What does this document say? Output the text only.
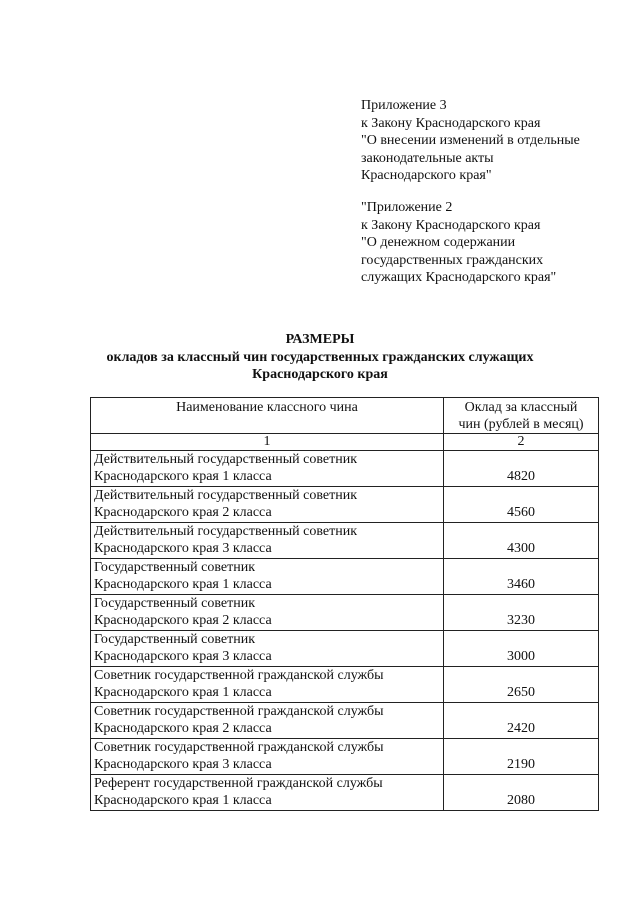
Приложение 3
к Закону Краснодарского края
"О внесении изменений в отдельные
законодательные акты
Краснодарского края"
"Приложение 2
к Закону Краснодарского края
"О денежном содержании
государственных гражданских
служащих Краснодарского края"
РАЗМЕРЫ
окладов за классный чин государственных гражданских служащих
Краснодарского края
Наименование классного чина	Оклад за классный
чин (рублей в месяц)

1	2

Действительный государственный советник
Краснодарского края 1 класса	4820

Действительный государственный советник
Краснодарского края 2 класса	4560

Действительный государственный советник
Краснодарского края 3 класса	4300

Государственный советник
Краснодарского края 1 класса	3460

Государственный советник
Краснодарского края 2 класса	3230

Государственный советник
Краснодарского края 3 класса	3000

Советник государственной гражданской службы
Краснодарского края 1 класса	2650

Советник государственной гражданской службы
Краснодарского края 2 класса	2420

Советник государственной гражданской службы
Краснодарского края 3 класса	2190

Референт государственной гражданской службы
Краснодарского края 1 класса	2080
